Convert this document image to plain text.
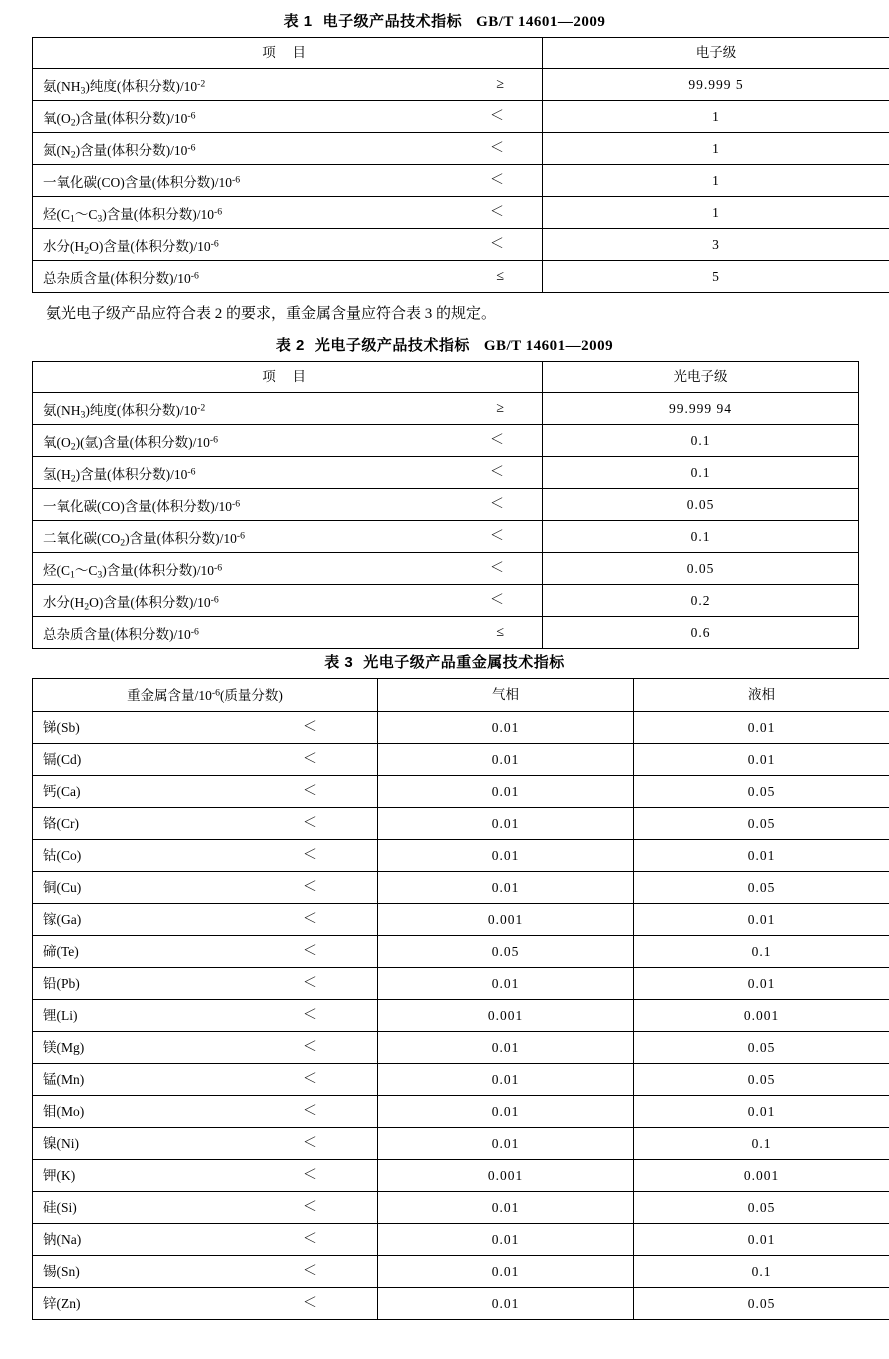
表 1 电子级产品技术指标 GB/T 14601—2009
项 目	电子级

氨$(NH_3)$纯度(体积分数)$/10^{-2}$ ≥	99.999 5

氧$(O_2)$含量(体积分数)$/10^{-6}$ ＜	1

氮$(N_2)$含量(体积分数)$/10^{-6}$ ＜	1

一氧化碳(CO)含量(体积分数)$/10^{-6}$ ＜	1

烃$(C_1\sim C_3)$含量(体积分数)$/10^{-6}$ ＜	1

水分$(H_2O)$含量(体积分数)$/10^{-6}$ ＜	3

总杂质含量(体积分数)$/10^{-6}$ ≤	5

氨光电子级产品应符合表 2 的要求，重金属含量应符合表 3 的规定。

表 2 光电子级产品技术指标 GB/T 14601—2009
项 目	光电子级

氨$(NH_3)$纯度(体积分数)$/10^{-2}$ ≥	99.999 94

氧$(O_2)$(氩)含量(体积分数)$/10^{-6}$ ＜	0.1

氢$(H_2)$含量(体积分数)$/10^{-6}$ ＜	0.1

一氧化碳(CO)含量(体积分数)$/10^{-6}$ ＜	0.05

二氧化碳$(CO_2)$含量(体积分数)$/10^{-6}$ ＜	0.1

烃$(C_1\sim C_3)$含量(体积分数)$/10^{-6}$ ＜	0.05

水分$(H_2O)$含量(体积分数)$/10^{-6}$ ＜	0.2

总杂质含量(体积分数)$/10^{-6}$ ≤	0.6
表 3 光电子级产品重金属技术指标
重金属含量$/10^{-6}$(质量分数)	气相	液相

锑(Sb) ＜	0.01	0.01

镉(Cd) ＜	0.01	0.01

钙(Ca) ＜	0.01	0.05

铬(Cr) ＜	0.01	0.05

钴(Co) ＜	0.01	0.01

铜(Cu) ＜	0.01	0.05

镓(Ga) ＜	0.001	0.01

碲(Te) ＜	0.05	0.1

铅(Pb) ＜	0.01	0.01

锂(Li) ＜	0.001	0.001

镁(Mg) ＜	0.01	0.05

锰(Mn) ＜	0.01	0.05

钼(Mo) ＜	0.01	0.01

镍(Ni) ＜	0.01	0.1

钾(K) ＜	0.001	0.001

硅(Si) ＜	0.01	0.05

钠(Na) ＜	0.01	0.01

锡(Sn) ＜	0.01	0.1

锌(Zn) ＜	0.01	0.05
